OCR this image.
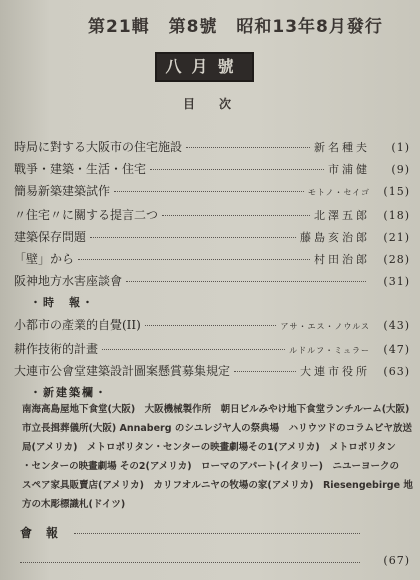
第21輯 第8號 昭和13年8月發行
八月號
目次
時局に對する大阪市の住宅施設	新名種夫	(1)
戰爭・建築・生活・住宅	市浦健	(9)
簡易新築建築試作	モトノ・セイゴ	(15)
〃住宅〃に關する提言二つ	北澤五郎	(18)
建築保存問題	藤島亥治郎	(21)
「壁」から	村田治郎	(28)
阪神地方水害座談會	(31)
・時　報・
小都市の產業的自覺(II)	アサ・エス・ノウルス	(43)
耕作技術的計畫	ルドルフ・ミュラー	(47)
大連市公會堂建築設計圖案懸賞募集規定	大連市役所	(63)
・新建築欄・
南海高島屋地下食堂(大阪)　大阪機械製作所　朝日ビルみやけ地下食堂ランチルーム(大阪)
市立長揖葬儀所(大阪) Annaberg のシユレジヤ人の祭典場　ハリウツドのコラムビヤ放送
局(アメリカ)　メトロポリタン・センターの映畫劇場その1(アメリカ)　メトロポリタン
・センターの映畫劇場 その2(アメリカ)　ローマのアパート(イタリー)　ニユーヨークの
スペア家具販賣店(アメリカ)　カリフオルニヤの牧場の家(アメリカ)　Riesengebirge 地
方の木彫標識札(ドイツ)
會報
(67)
